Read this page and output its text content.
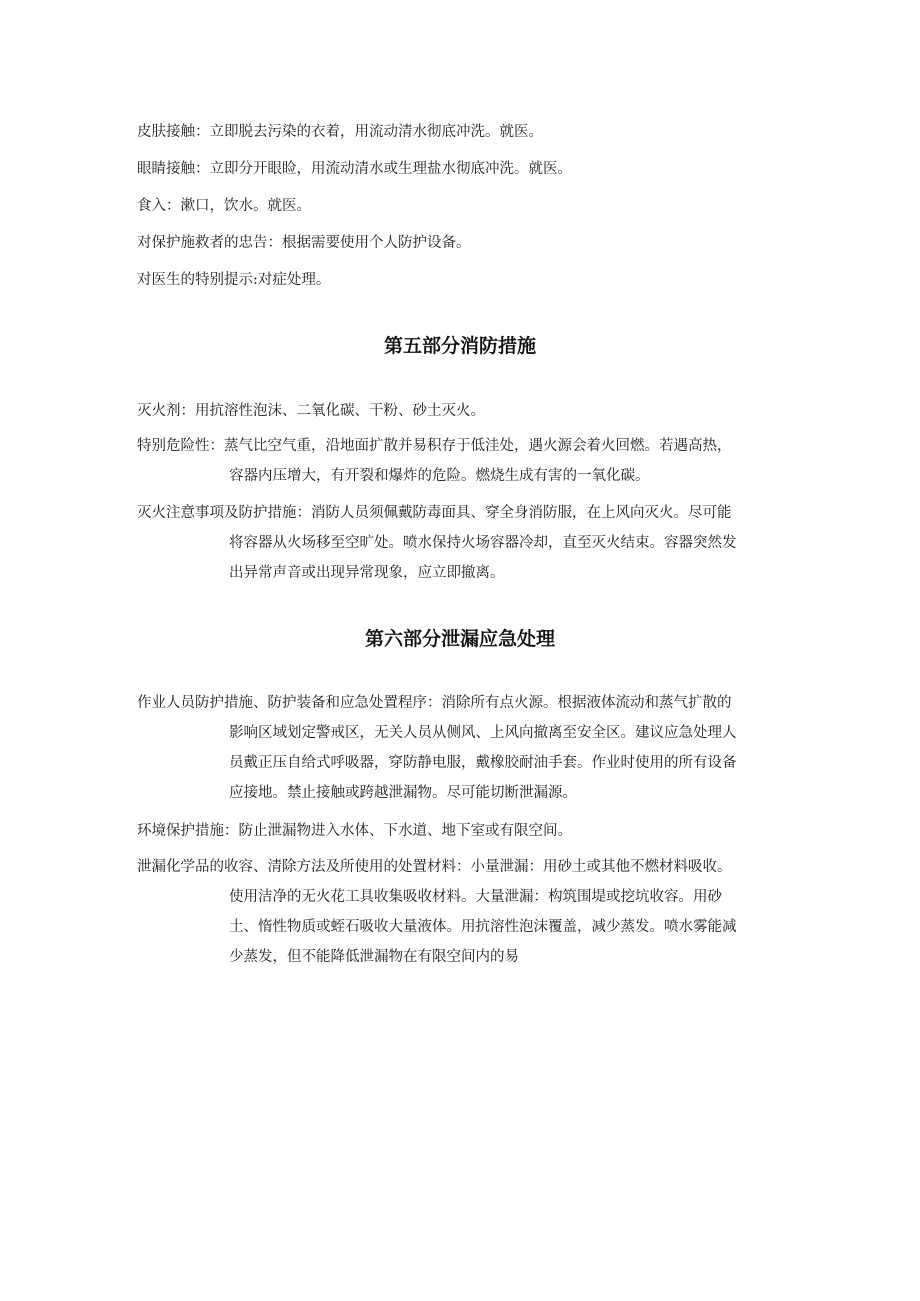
皮肤接触：立即脱去污染的衣着，用流动清水彻底冲洗。就医。

眼睛接触：立即分开眼睑，用流动清水或生理盐水彻底冲洗。就医。

食入：漱口，饮水。就医。

对保护施救者的忠告：根据需要使用个人防护设备。

对医生的特别提示:对症处理。

第五部分消防措施

灭火剂：用抗溶性泡沫、二氧化碳、干粉、砂土灭火。

特别危险性：蒸气比空气重，沿地面扩散并易积存于低洼处，遇火源会着火回燃。若遇高热，
容器内压增大，有开裂和爆炸的危险。燃烧生成有害的一氧化碳。

灭火注意事项及防护措施：消防人员须佩戴防毒面具、穿全身消防服，在上风向灭火。尽可能
将容器从火场移至空旷处。喷水保持火场容器冷却，直至灭火结束。容器突然发
出异常声音或出现异常现象，应立即撤离。

第六部分泄漏应急处理

作业人员防护措施、防护装备和应急处置程序：消除所有点火源。根据液体流动和蒸气扩散的
影响区域划定警戒区，无关人员从侧风、上风向撤离至安全区。建议应急处理人
员戴正压自给式呼吸器，穿防静电服，戴橡胶耐油手套。作业时使用的所有设备
应接地。禁止接触或跨越泄漏物。尽可能切断泄漏源。

环境保护措施：防止泄漏物进入水体、下水道、地下室或有限空间。

泄漏化学品的收容、清除方法及所使用的处置材料：小量泄漏：用砂土或其他不燃材料吸收。
使用洁净的无火花工具收集吸收材料。大量泄漏：构筑围堤或挖坑收容。用砂
土、惰性物质或蛭石吸收大量液体。用抗溶性泡沫覆盖，减少蒸发。喷水雾能减
少蒸发，但不能降低泄漏物在有限空间内的易
